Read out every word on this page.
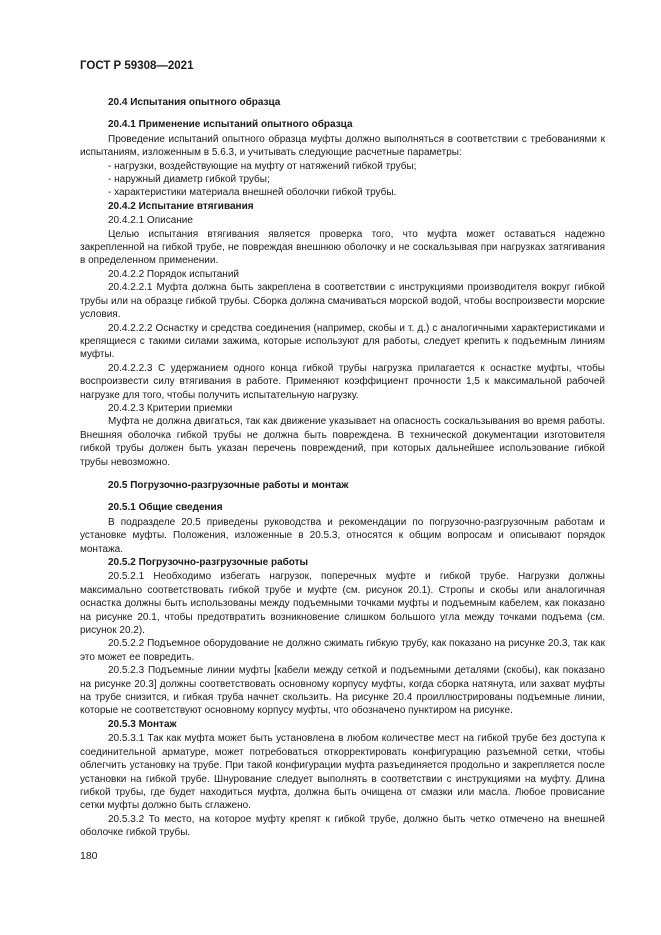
ГОСТ Р 59308—2021
20.4 Испытания опытного образца
20.4.1 Применение испытаний опытного образца
Проведение испытаний опытного образца муфты должно выполняться в соответствии с требованиями к испытаниям, изложенным в 5.6.3, и учитывать следующие расчетные параметры:
- нагрузки, воздействующие на муфту от натяжений гибкой трубы;
- наружный диаметр гибкой трубы;
- характеристики материала внешней оболочки гибкой трубы.
20.4.2 Испытание втягивания
20.4.2.1 Описание
Целью испытания втягивания является проверка того, что муфта может оставаться надежно закрепленной на гибкой трубе, не повреждая внешнюю оболочку и не соскальзывая при нагрузках затягивания в определенном применении.
20.4.2.2 Порядок испытаний
20.4.2.2.1 Муфта должна быть закреплена в соответствии с инструкциями производителя вокруг гибкой трубы или на образце гибкой трубы. Сборка должна смачиваться морской водой, чтобы воспроизвести морские условия.
20.4.2.2.2 Оснастку и средства соединения (например, скобы и т. д.) с аналогичными характеристиками и крепящиеся с такими силами зажима, которые используют для работы, следует крепить к подъемным линиям муфты.
20.4.2.2.3 С удержанием одного конца гибкой трубы нагрузка прилагается к оснастке муфты, чтобы воспроизвести силу втягивания в работе. Применяют коэффициент прочности 1,5 к максимальной рабочей нагрузке для того, чтобы получить испытательную нагрузку.
20.4.2.3 Критерии приемки
Муфта не должна двигаться, так как движение указывает на опасность соскальзывания во время работы. Внешняя оболочка гибкой трубы не должна быть повреждена. В технической документации изготовителя гибкой трубы должен быть указан перечень повреждений, при которых дальнейшее использование гибкой трубы невозможно.
20.5 Погрузочно-разгрузочные работы и монтаж
20.5.1 Общие сведения
В подразделе 20.5 приведены руководства и рекомендации по погрузочно-разгрузочным работам и установке муфты. Положения, изложенные в 20.5.3, относятся к общим вопросам и описывают порядок монтажа.
20.5.2 Погрузочно-разгрузочные работы
20.5.2.1 Необходимо избегать нагрузок, поперечных муфте и гибкой трубе. Нагрузки должны максимально соответствовать гибкой трубе и муфте (см. рисунок 20.1). Стропы и скобы или аналогичная оснастка должны быть использованы между подъемными точками муфты и подъемным кабелем, как показано на рисунке 20.1, чтобы предотвратить возникновение слишком большого угла между точками подъема (см. рисунок 20.2).
20.5.2.2 Подъемное оборудование не должно сжимать гибкую трубу, как показано на рисунке 20.3, так как это может ее повредить.
20.5.2.3 Подъемные линии муфты [кабели между сеткой и подъемными деталями (скобы), как показано на рисунке 20.3] должны соответствовать основному корпусу муфты, когда сборка натянута, или захват муфты на трубе снизится, и гибкая труба начнет скользить. На рисунке 20.4 проиллюстрированы подъемные линии, которые не соответствуют основному корпусу муфты, что обозначено пунктиром на рисунке.
20.5.3 Монтаж
20.5.3.1 Так как муфта может быть установлена в любом количестве мест на гибкой трубе без доступа к соединительной арматуре, может потребоваться откорректировать конфигурацию разъемной сетки, чтобы облегчить установку на трубе. При такой конфигурации муфта разъединяется продольно и закрепляется после установки на гибкой трубе. Шнурование следует выполнять в соответствии с инструкциями на муфту. Длина гибкой трубы, где будет находиться муфта, должна быть очищена от смазки или масла. Любое провисание сетки муфты должно быть сглажено.
20.5.3.2 То место, на которое муфту крепят к гибкой трубе, должно быть четко отмечено на внешней оболочке гибкой трубы.
180
